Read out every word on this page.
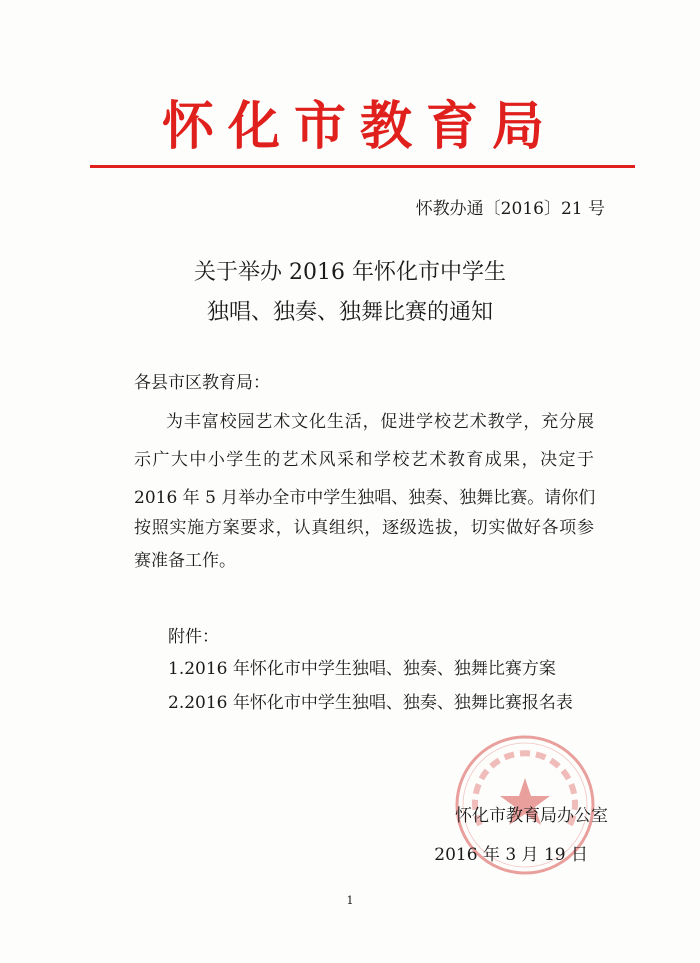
怀化市教育局
怀教办通〔2016〕21 号
关于举办 2016 年怀化市中学生
独唱、独奏、独舞比赛的通知
各县市区教育局：
为丰富校园艺术文化生活，促进学校艺术教学，充分展
示广大中小学生的艺术风采和学校艺术教育成果，决定于
2016 年 5 月举办全市中学生独唱、独奏、独舞比赛。请你们
按照实施方案要求，认真组织，逐级选拔，切实做好各项参
赛准备工作。
附件：
1.2016 年怀化市中学生独唱、独奏、独舞比赛方案
2.2016 年怀化市中学生独唱、独奏、独舞比赛报名表
怀化市教育局办公室
2016 年 3 月 19 日
1
